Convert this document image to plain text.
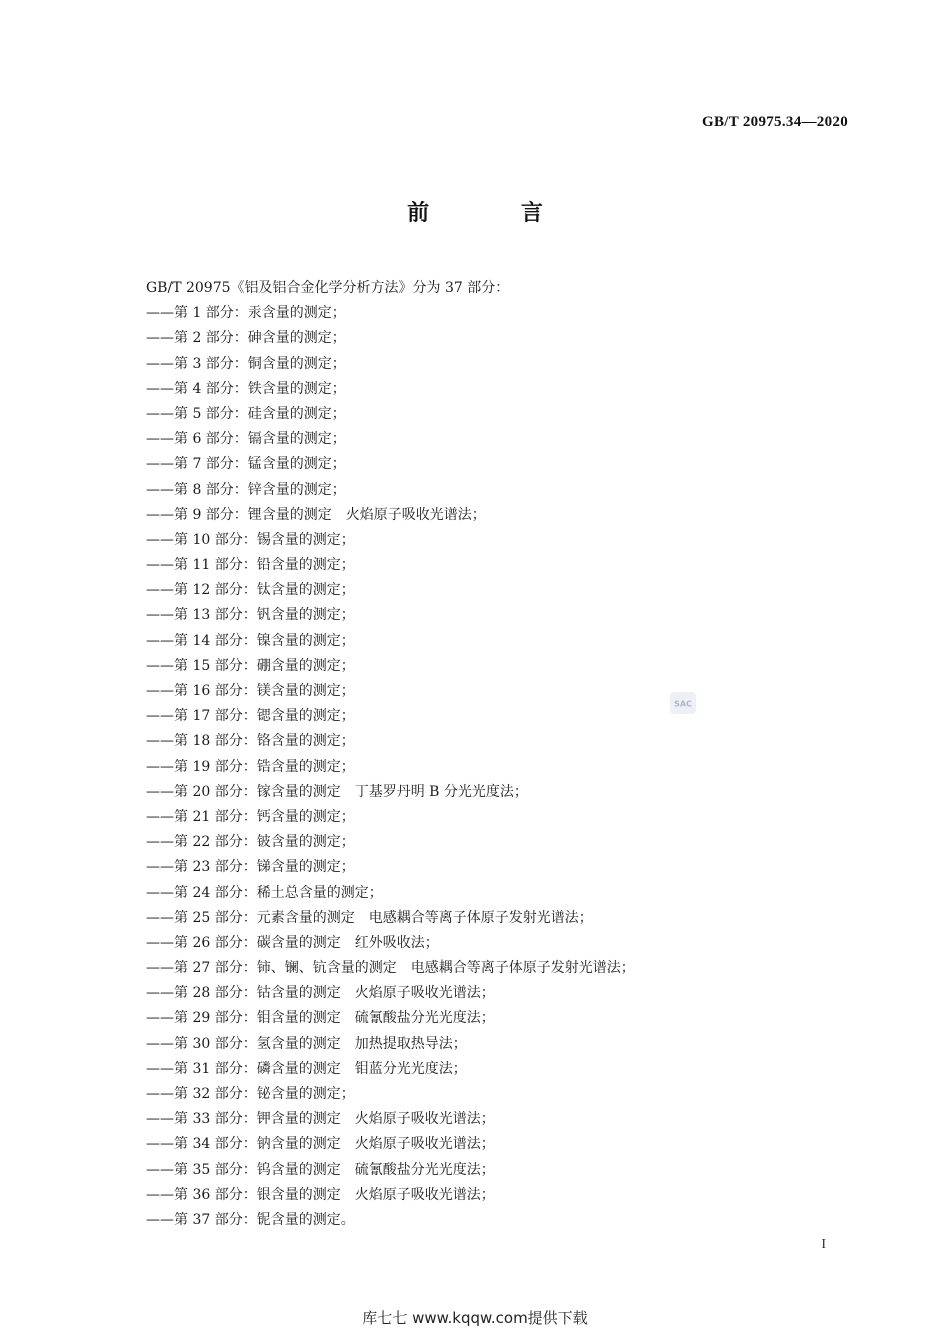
GB/T 20975.34—2020
前 言
GB/T 20975《铝及铝合金化学分析方法》分为 37 部分：
——第 1 部分：汞含量的测定；
——第 2 部分：砷含量的测定；
——第 3 部分：铜含量的测定；
——第 4 部分：铁含量的测定；
——第 5 部分：硅含量的测定；
——第 6 部分：镉含量的测定；
——第 7 部分：锰含量的测定；
——第 8 部分：锌含量的测定；
——第 9 部分：锂含量的测定　火焰原子吸收光谱法；
——第 10 部分：锡含量的测定；
——第 11 部分：铅含量的测定；
——第 12 部分：钛含量的测定；
——第 13 部分：钒含量的测定；
——第 14 部分：镍含量的测定；
——第 15 部分：硼含量的测定；
——第 16 部分：镁含量的测定；
——第 17 部分：锶含量的测定；
——第 18 部分：铬含量的测定；
——第 19 部分：锆含量的测定；
——第 20 部分：镓含量的测定　丁基罗丹明 B 分光光度法；
——第 21 部分：钙含量的测定；
——第 22 部分：铍含量的测定；
——第 23 部分：锑含量的测定；
——第 24 部分：稀土总含量的测定；
——第 25 部分：元素含量的测定　电感耦合等离子体原子发射光谱法；
——第 26 部分：碳含量的测定　红外吸收法；
——第 27 部分：铈、镧、钪含量的测定　电感耦合等离子体原子发射光谱法；
——第 28 部分：钴含量的测定　火焰原子吸收光谱法；
——第 29 部分：钼含量的测定　硫氰酸盐分光光度法；
——第 30 部分：氢含量的测定　加热提取热导法；
——第 31 部分：磷含量的测定　钼蓝分光光度法；
——第 32 部分：铋含量的测定；
——第 33 部分：钾含量的测定　火焰原子吸收光谱法；
——第 34 部分：钠含量的测定　火焰原子吸收光谱法；
——第 35 部分：钨含量的测定　硫氰酸盐分光光度法；
——第 36 部分：银含量的测定　火焰原子吸收光谱法；
——第 37 部分：铌含量的测定。
SAC
I
库七七 www.kqqw.com提供下载
